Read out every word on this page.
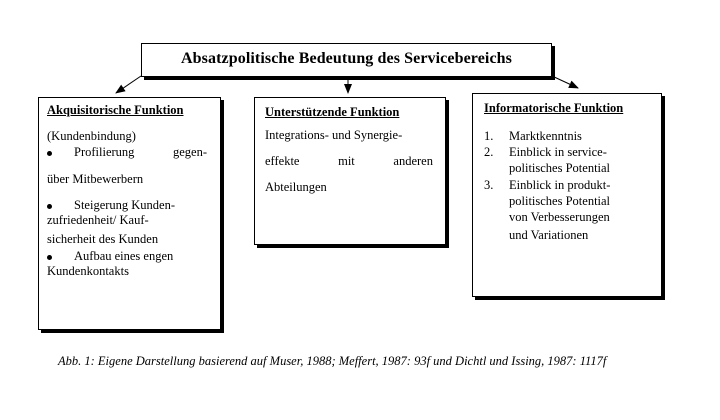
Absatzpolitische Bedeutung des Servicebereichs
Akquisitorische Funktion
(Kundenbindung)
Profilierung	gegen-
über Mitbewerbern
Steigerung Kunden-
zufriedenheit/ Kauf-
sicherheit des Kunden
Aufbau eines engen
Kundenkontakts
Unterstützende Funktion
Integrations- und Synergie-
effekte	mit	anderen
Abteilungen
Informatorische Funktion
1. Marktkenntnis
2. Einblick in service-
politisches Potential
3. Einblick in produkt-
politisches Potential
von Verbesserungen
und Variationen
Abb. 1: Eigene Darstellung basierend auf Muser, 1988; Meffert, 1987: 93f und Dichtl und Issing, 1987: 1117f
